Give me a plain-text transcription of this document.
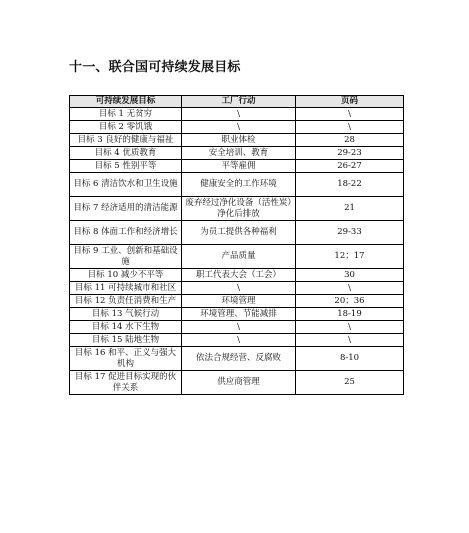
十一、联合国可持续发展目标
可持续发展目标	工厂行动	页码
目标 1 无贫穷	\	\
目标 2 零饥饿	\	\
目标 3 良好的健康与福祉	职业体检	28
目标 4 优质教育	安全培训、教育	29-23
目标 5 性别平等	平等雇佣	26-27
目标 6 清洁饮水和卫生设施	健康安全的工作环境	18-22
目标 7 经济适用的清洁能源	废弃经过净化设备（活性炭）净化后排放	21
目标 8 体面工作和经济增长	为员工提供各种福利	29-33
目标 9 工业、创新和基础设施	产品质量	12；17
目标 10 减少不平等	职工代表大会（工会）	30
目标 11 可持续城市和社区	\	\
目标 12 负责任消费和生产	环境管理	20；36
目标 13 气候行动	环境管理、节能减排	18-19
目标 14 水下生物	\	\
目标 15 陆地生物	\	\
目标 16 和平、正义与强大机构	依法合规经营、反腐败	8-10
目标 17 促进目标实现的伙伴关系	供应商管理	25
